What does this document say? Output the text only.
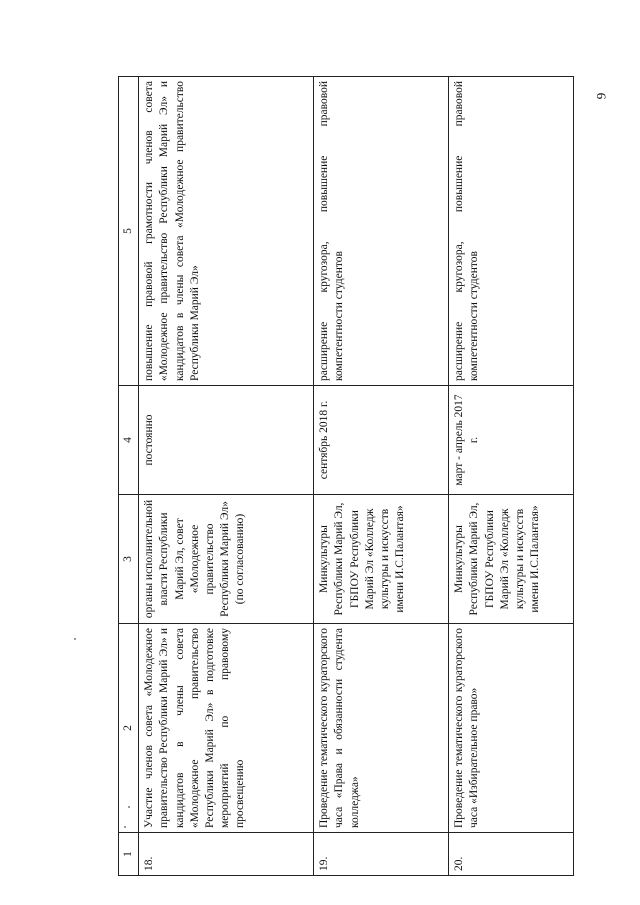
9
1	2	3	4	5
18.	Участие членов совета «Молодежное правительство Республики Марий Эл» и кандидатов в члены совета «Молодежное правительство Республики Марий Эл» в подготовке мероприятий по правовому просвещению	органы исполнительной власти Республики Марий Эл, совет «Молодежное правительство Республики Марий Эл» (по согласованию)	постоянно	повышение правовой грамотности членов совета «Молодежное правительство Республики Марий Эл» и кандидатов в члены совета «Молодежное правительство Республики Марий Эл»
19.	Проведение тематического кураторского часа «Права и обязанности студента колледжа»	Минкультуры Республики Марий Эл, ГБПОУ Республики Марий Эл «Колледж культуры и искусств имени И.С.Палантая»	сентябрь 2018 г.	расширение кругозора, повышение правовой компетентности студентов
20.	Проведение тематического кураторского часа «Избирательное право»	Минкультуры Республики Марий Эл, ГБПОУ Республики Марий Эл «Колледж культуры и искусств имени И.С.Палантая»	март - апрель 2017 г.	расширение кругозора, повышение правовой компетентности студентов
